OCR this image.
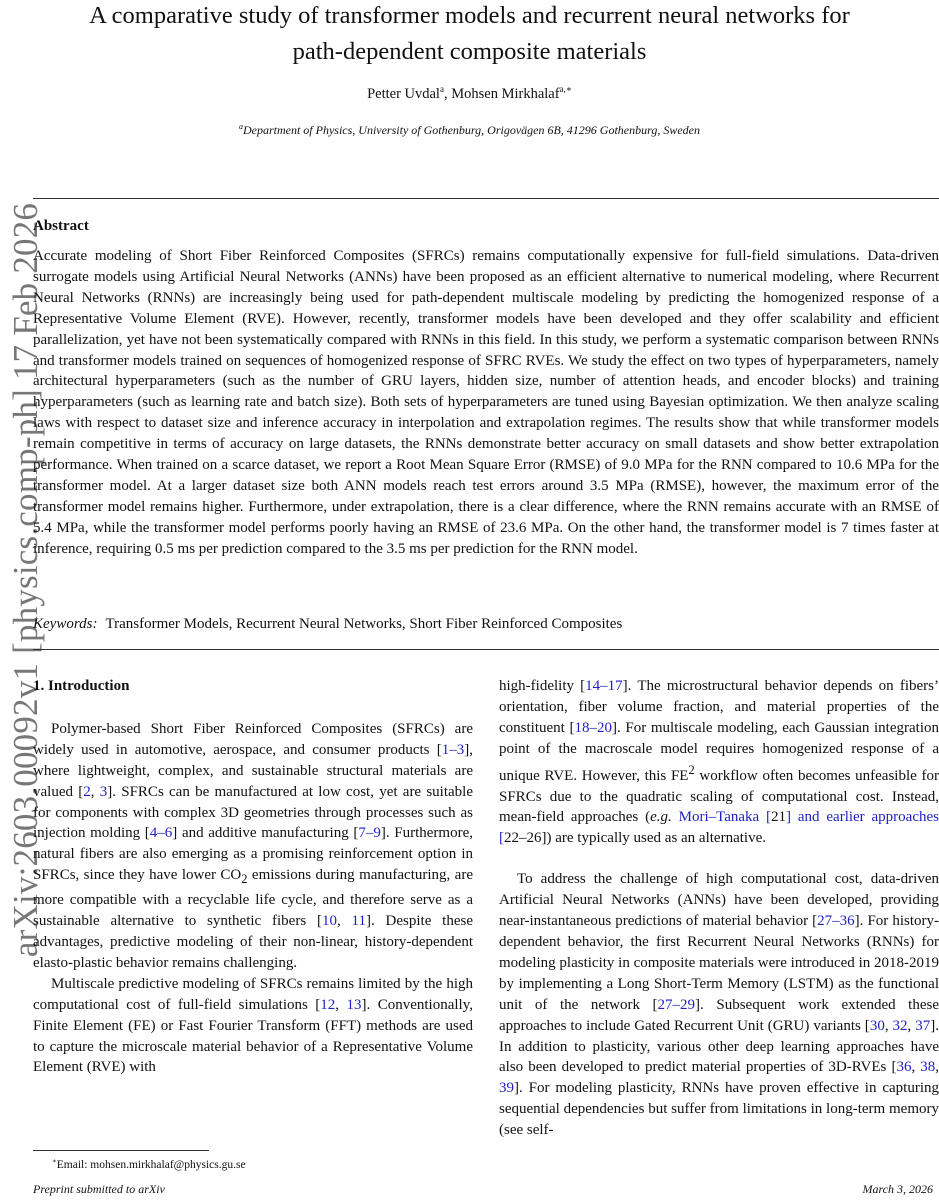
arXiv:2603.00092v1 [physics.comp-ph] 17 Feb 2026
A comparative study of transformer models and recurrent neural networks for
path-dependent composite materials
Petter Uvdal$^a$, Mohsen Mirkhalaf$^{a,∗}$
$^a$Department of Physics, University of Gothenburg, Origovägen 6B, 41296 Gothenburg, Sweden
Abstract
Accurate modeling of Short Fiber Reinforced Composites (SFRCs) remains computationally expensive for full-field simulations. Data-driven surrogate models using Artificial Neural Networks (ANNs) have been proposed as an efficient alternative to numerical modeling, where Recurrent Neural Networks (RNNs) are increasingly being used for path-dependent multiscale modeling by predicting the homogenized response of a Representative Volume Element (RVE). However, recently, transformer models have been developed and they offer scalability and efficient parallelization, yet have not been systematically compared with RNNs in this field. In this study, we perform a systematic comparison between RNNs and transformer models trained on sequences of homogenized response of SFRC RVEs. We study the effect on two types of hyperparameters, namely architectural hyperparameters (such as the number of GRU layers, hidden size, number of attention heads, and encoder blocks) and training hyperparameters (such as learning rate and batch size). Both sets of hyperparameters are tuned using Bayesian optimization. We then analyze scaling laws with respect to dataset size and inference accuracy in interpolation and extrapolation regimes. The results show that while transformer models remain competitive in terms of accuracy on large datasets, the RNNs demonstrate better accuracy on small datasets and show better extrapolation performance. When trained on a scarce dataset, we report a Root Mean Square Error (RMSE) of 9.0 MPa for the RNN compared to 10.6 MPa for the transformer model. At a larger dataset size both ANN models reach test errors around 3.5 MPa (RMSE), however, the maximum error of the transformer model remains higher. Furthermore, under extrapolation, there is a clear difference, where the RNN remains accurate with an RMSE of 5.4 MPa, while the transformer model performs poorly having an RMSE of 23.6 MPa. On the other hand, the transformer model is 7 times faster at inference, requiring 0.5 ms per prediction compared to the 3.5 ms per prediction for the RNN model.
Keywords: Transformer Models, Recurrent Neural Networks, Short Fiber Reinforced Composites
1. Introduction

Polymer-based Short Fiber Reinforced Composites (SFRCs) are widely used in automotive, aerospace, and consumer products [1–3], where lightweight, complex, and sustainable structural materials are valued [2, 3]. SFRCs can be manufactured at low cost, yet are suitable for components with complex 3D geometries through processes such as injection molding [4–6] and additive manufacturing [7–9]. Furthermore, natural fibers are also emerging as a promising reinforcement option in SFRCs, since they have lower $CO_2$ emissions during manufacturing, are more compatible with a recyclable life cycle, and therefore serve as a sustainable alternative to synthetic fibers [10, 11]. Despite these advantages, predictive modeling of their non-linear, history-dependent elasto-plastic behavior remains challenging.

Multiscale predictive modeling of SFRCs remains limited by the high computational cost of full-field simulations [12, 13]. Conventionally, Finite Element (FE) or Fast Fourier Transform (FFT) methods are used to capture the microscale material behavior of a Representative Volume Element (RVE) with

high-fidelity [14–17]. The microstructural behavior depends on fibers’ orientation, fiber volume fraction, and material properties of the constituent [18–20]. For multiscale modeling, each Gaussian integration point of the macroscale model requires homogenized response of a unique RVE. However, this $FE^2$ workflow often becomes unfeasible for SFRCs due to the quadratic scaling of computational cost. Instead, mean-field approaches (e.g. Mori–Tanaka [21] and earlier approaches [22–26]) are typically used as an alternative.

To address the challenge of high computational cost, data-driven Artificial Neural Networks (ANNs) have been developed, providing near-instantaneous predictions of material behavior [27–36]. For history-dependent behavior, the first Recurrent Neural Networks (RNNs) for modeling plasticity in composite materials were introduced in 2018-2019 by implementing a Long Short-Term Memory (LSTM) as the functional unit of the network [27–29]. Subsequent work extended these approaches to include Gated Recurrent Unit (GRU) variants [30, 32, 37]. In addition to plasticity, various other deep learning approaches have also been developed to predict material properties of 3D-RVEs [36, 38, 39]. For modeling plasticity, RNNs have proven effective in capturing sequential dependencies but suffer from limitations in long-term memory (see self-

∗Email: mohsen.mirkhalaf@physics.gu.se
Preprint submitted to arXiv	March 3, 2026
